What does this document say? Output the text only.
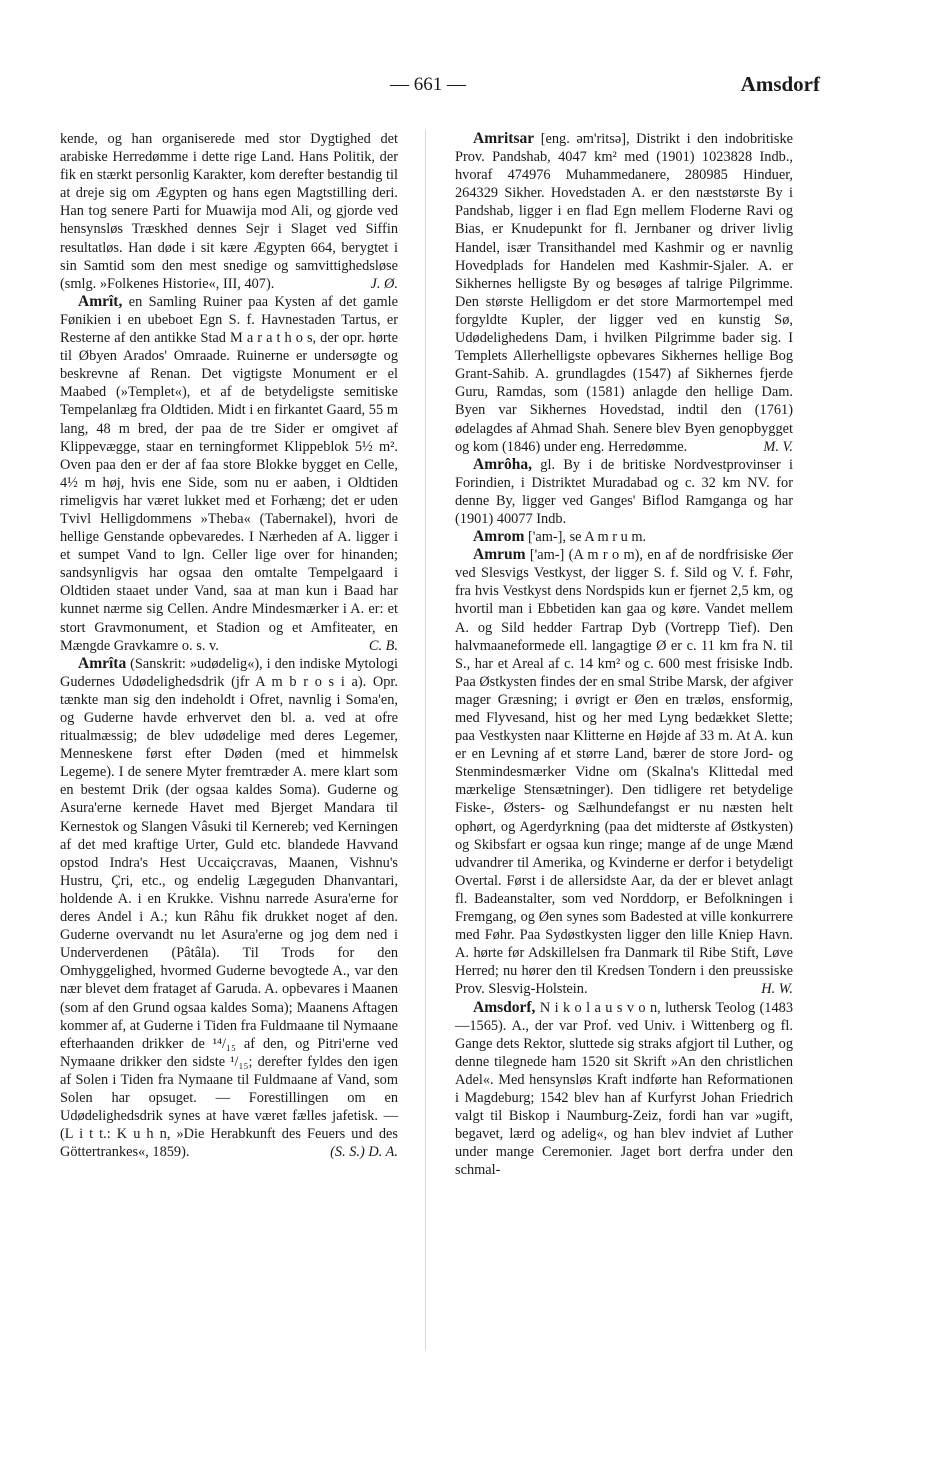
— 661 —	Amsdorf

kende, og han organiserede med stor Dygtighed det arabiske Herredømme i dette rige Land. Hans Politik, der fik en stærkt personlig Karakter, kom derefter bestandig til at dreje sig om Ægypten og hans egen Magtstilling deri. Han tog senere Parti for Muawija mod Ali, og gjorde ved hensynsløs Træskhed dennes Sejr i Slaget ved Siffin resultatløs. Han døde i sit kære Ægypten 664, berygtet i sin Samtid som den mest snedige og samvittighedsløse (smlg. »Folkenes Historie«, III, 407).	J. Ø.

Amrît, en Samling Ruiner paa Kysten af det gamle Fønikien i en ubeboet Egn S. f. Havnestaden Tartus, er Resterne af den antikke Stad M a r a t h o s, der opr. hørte til Øbyen Arados' Omraade. Ruinerne er undersøgte og beskrevne af Renan. Det vigtigste Monument er el Maabed (»Templet«), et af de betydeligste semitiske Tempelanlæg fra Oldtiden. Midt i en firkantet Gaard, 55 m lang, 48 m bred, der paa de tre Sider er omgivet af Klippevægge, staar en terningformet Klippeblok 5½ m². Oven paa den er der af faa store Blokke bygget en Celle, 4½ m høj, hvis ene Side, som nu er aaben, i Oldtiden rimeligvis har været lukket med et Forhæng; det er uden Tvivl Helligdommens »Theba« (Tabernakel), hvori de hellige Genstande opbevaredes. I Nærheden af A. ligger i et sumpet Vand to lgn. Celler lige over for hinanden; sandsynligvis har ogsaa den omtalte Tempelgaard i Oldtiden staaet under Vand, saa at man kun i Baad har kunnet nærme sig Cellen. Andre Mindesmærker i A. er: et stort Gravmonument, et Stadion og et Amfiteater, en Mængde Gravkamre o. s. v.	C. B.

Amrîta (Sanskrit: »udødelig«), i den indiske Mytologi Gudernes Udødelighedsdrik (jfr A m b r o s i a). Opr. tænkte man sig den indeholdt i Ofret, navnlig i Soma'en, og Guderne havde erhvervet den bl. a. ved at ofre ritualmæssig; de blev udødelige med deres Legemer, Menneskene først efter Døden (med et himmelsk Legeme). I de senere Myter fremtræder A. mere klart som en bestemt Drik (der ogsaa kaldes Soma). Guderne og Asura'erne kernede Havet med Bjerget Mandara til Kernestok og Slangen Vâsuki til Kernereb; ved Kerningen af det med kraftige Urter, Guld etc. blandede Havvand opstod Indra's Hest Uccaiçcravas, Maanen, Vishnu's Hustru, Çri, etc., og endelig Lægeguden Dhanvantari, holdende A. i en Krukke. Vishnu narrede Asura'erne for deres Andel i A.; kun Râhu fik drukket noget af den. Guderne overvandt nu let Asura'erne og jog dem ned i Underverdenen (Pâtâla). Til Trods for den Omhyggelighed, hvormed Guderne bevogtede A., var den nær blevet dem frataget af Garuda. A. opbevares i Maanen (som af den Grund ogsaa kaldes Soma); Maanens Aftagen kommer af, at Guderne i Tiden fra Fuldmaane til Nymaane efterhaanden drikker de ¹⁴/₁₅ af den, og Pitri'erne ved Nymaane drikker den sidste ¹/₁₅; derefter fyldes den igen af Solen i Tiden fra Nymaane til Fuldmaane af Vand, som Solen har opsuget. — Forestillingen om en Udødelighedsdrik synes at have været fælles jafetisk. — (L i t t.: K u h n, »Die Herabkunft des Feuers und des Göttertrankes«, 1859).	(S. S.) D. A.

Amritsar [eng. əm'ritsə], Distrikt i den indobritiske Prov. Pandshab, 4047 km² med (1901) 1023828 Indb., hvoraf 474976 Muhammedanere, 280985 Hinduer, 264329 Sikher. Hovedstaden A. er den næststørste By i Pandshab, ligger i en flad Egn mellem Floderne Ravi og Bias, er Knudepunkt for fl. Jernbaner og driver livlig Handel, især Transithandel med Kashmir og er navnlig Hovedplads for Handelen med Kashmir-Sjaler. A. er Sikhernes helligste By og besøges af talrige Pilgrimme. Den største Helligdom er det store Marmortempel med forgyldte Kupler, der ligger ved en kunstig Sø, Udødelighedens Dam, i hvilken Pilgrimme bader sig. I Templets Allerhelligste opbevares Sikhernes hellige Bog Grant-Sahib. A. grundlagdes (1547) af Sikhernes fjerde Guru, Ramdas, som (1581) anlagde den hellige Dam. Byen var Sikhernes Hovedstad, indtil den (1761) ødelagdes af Ahmad Shah. Senere blev Byen genopbygget og kom (1846) under eng. Herredømme.	M. V.

Amrôha, gl. By i de britiske Nordvestprovinser i Forindien, i Distriktet Muradabad og c. 32 km NV. for denne By, ligger ved Ganges' Biflod Ramganga og har (1901) 40077 Indb.

Amrom ['am-], se A m r u m.

Amrum ['am-] (A m r o m), en af de nordfrisiske Øer ved Slesvigs Vestkyst, der ligger S. f. Sild og V. f. Føhr, fra hvis Vestkyst dens Nordspids kun er fjernet 2,5 km, og hvortil man i Ebbetiden kan gaa og køre. Vandet mellem A. og Sild hedder Fartrap Dyb (Vortrepp Tief). Den halvmaaneformede ell. langagtige Ø er c. 11 km fra N. til S., har et Areal af c. 14 km² og c. 600 mest frisiske Indb. Paa Østkysten findes der en smal Stribe Marsk, der afgiver mager Græsning; i øvrigt er Øen en træløs, ensformig, med Flyvesand, hist og her med Lyng bedækket Slette; paa Vestkysten naar Klitterne en Højde af 33 m. At A. kun er en Levning af et større Land, bærer de store Jord- og Stenmindesmærker Vidne om (Skalna's Klittedal med mærkelige Stensætninger). Den tidligere ret betydelige Fiske-, Østers- og Sælhundefangst er nu næsten helt ophørt, og Agerdyrkning (paa det midterste af Østkysten) og Skibsfart er ogsaa kun ringe; mange af de unge Mænd udvandrer til Amerika, og Kvinderne er derfor i betydeligt Overtal. Først i de allersidste Aar, da der er blevet anlagt fl. Badeanstalter, som ved Norddorp, er Befolkningen i Fremgang, og Øen synes som Badested at ville konkurrere med Føhr. Paa Sydøstkysten ligger den lille Kniep Havn. A. hørte før Adskillelsen fra Danmark til Ribe Stift, Løve Herred; nu hører den til Kredsen Tondern i den preussiske Prov. Slesvig-Holstein.	H. W.

Amsdorf, N i k o l a u s v o n, luthersk Teolog (1483—1565). A., der var Prof. ved Univ. i Wittenberg og fl. Gange dets Rektor, sluttede sig straks afgjort til Luther, og denne tilegnede ham 1520 sit Skrift »An den christlichen Adel«. Med hensynsløs Kraft indførte han Reformationen i Magdeburg; 1542 blev han af Kurfyrst Johan Friedrich valgt til Biskop i Naumburg-Zeiz, fordi han var »ugift, begavet, lærd og adelig«, og han blev indviet af Luther under mange Ceremonier. Jaget bort derfra under den schmal-
